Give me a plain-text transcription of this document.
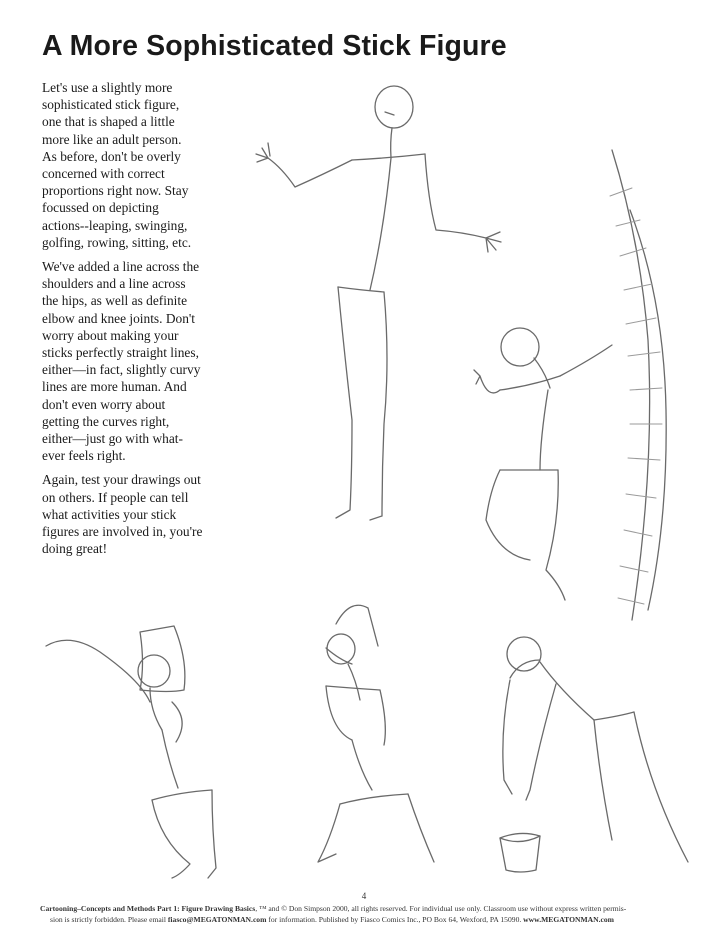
A More Sophisticated Stick Figure

Let's use a slightly more
sophisticated stick figure,
one that is shaped a little
more like an adult person.
As before, don't be overly
concerned with correct
proportions right now. Stay
focussed on depicting
actions--leaping, swinging,
golfing, rowing, sitting, etc.

We've added a line across the
shoulders and a line across
the hips, as well as definite
elbow and knee joints. Don't
worry about making your
sticks perfectly straight lines,
either—in fact, slightly curvy
lines are more human. And
don't even worry about
getting the curves right,
either—just go with what-
ever feels right.

Again, test your drawings out
on others. If people can tell
what activities your stick
figures are involved in, you're
doing great!

4
Cartooning–Concepts and Methods Part 1: Figure Drawing Basics, ™ and © Don Simpson 2000, all rights reserved. For individual use only. Classroom use without express written permis-
sion is strictly forbidden. Please email fiasco@MEGATONMAN.com for information. Published by Fiasco Comics Inc., PO Box 64, Wexford, PA 15090. www.MEGATONMAN.com
